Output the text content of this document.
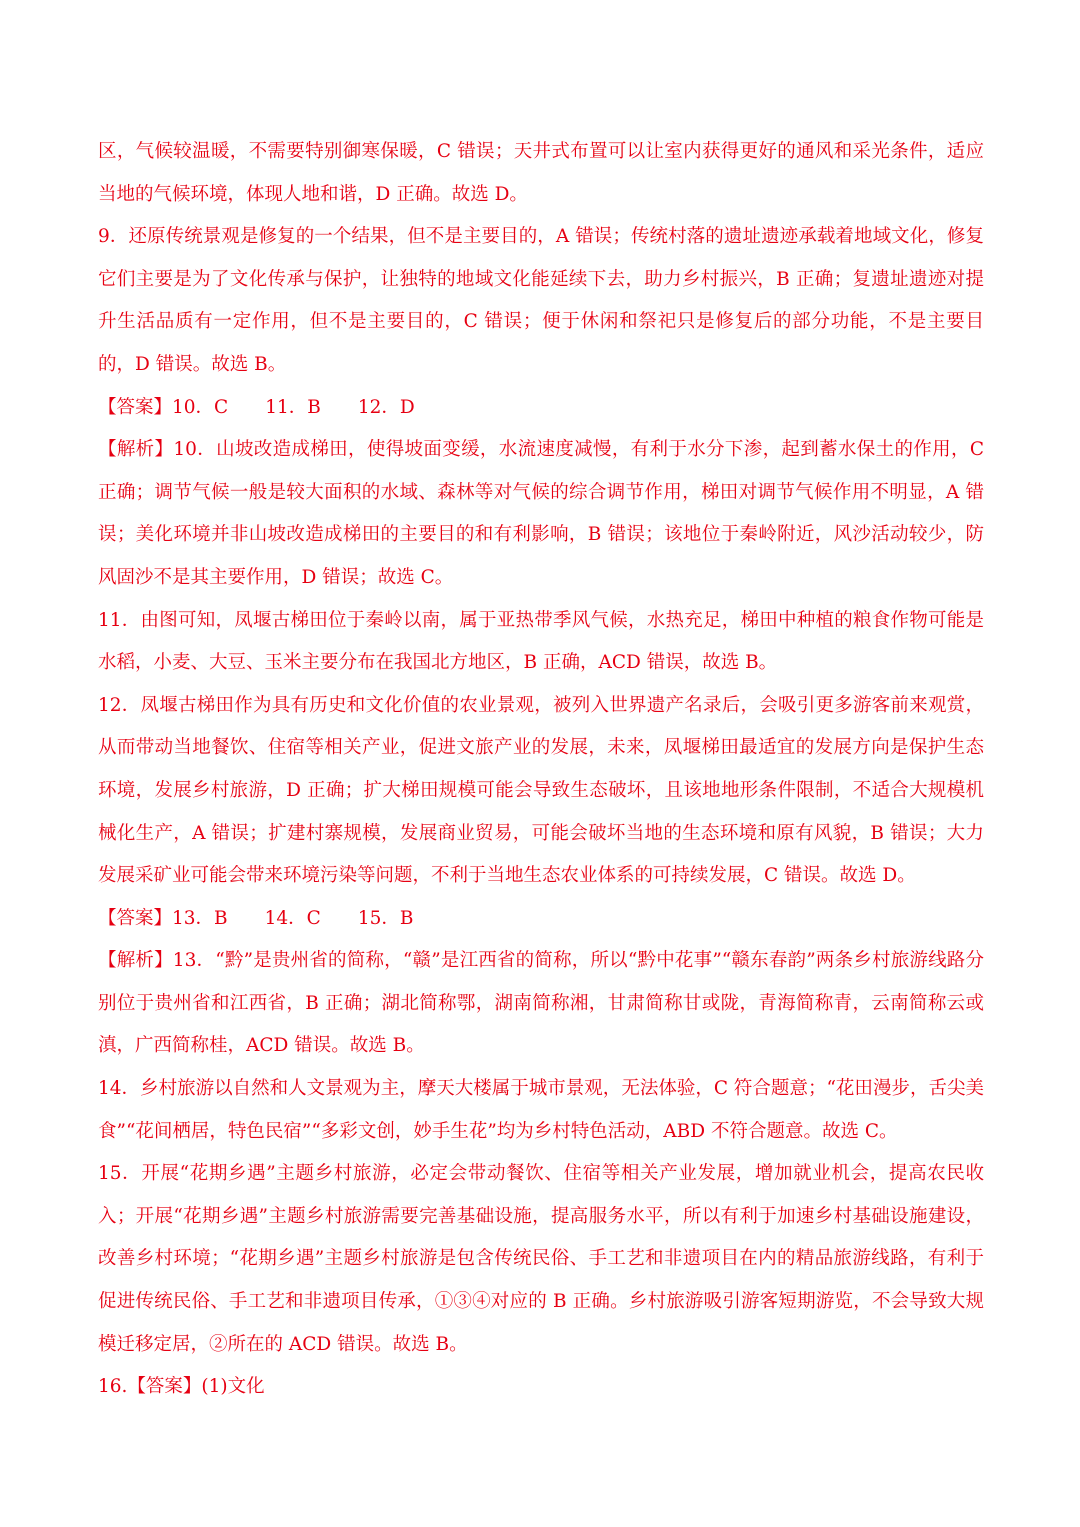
区，气候较温暖，不需要特别御寒保暖，C 错误；天井式布置可以让室内获得更好的通风和采光条件，适应当地的气候环境，体现人地和谐，D 正确。故选 D。

9．还原传统景观是修复的一个结果，但不是主要目的，A 错误；传统村落的遗址遗迹承载着地域文化，修复它们主要是为了文化传承与保护，让独特的地域文化能延续下去，助力乡村振兴，B 正确；复遗址遗迹对提升生活品质有一定作用，但不是主要目的，C 错误；便于休闲和祭祀只是修复后的部分功能，不是主要目的，D 错误。故选 B。

【答案】10．C　　11．B　　12．D

【解析】10．山坡改造成梯田，使得坡面变缓，水流速度减慢，有利于水分下渗，起到蓄水保土的作用，C 正确；调节气候一般是较大面积的水域、森林等对气候的综合调节作用，梯田对调节气候作用不明显，A 错误；美化环境并非山坡改造成梯田的主要目的和有利影响，B 错误；该地位于秦岭附近，风沙活动较少，防风固沙不是其主要作用，D 错误；故选 C。

11．由图可知，凤堰古梯田位于秦岭以南，属于亚热带季风气候，水热充足，梯田中种植的粮食作物可能是水稻，小麦、大豆、玉米主要分布在我国北方地区，B 正确，ACD 错误，故选 B。

12．凤堰古梯田作为具有历史和文化价值的农业景观，被列入世界遗产名录后，会吸引更多游客前来观赏，从而带动当地餐饮、住宿等相关产业，促进文旅产业的发展，未来，凤堰梯田最适宜的发展方向是保护生态环境，发展乡村旅游，D 正确；扩大梯田规模可能会导致生态破坏，且该地地形条件限制，不适合大规模机械化生产，A 错误；扩建村寨规模，发展商业贸易，可能会破坏当地的生态环境和原有风貌，B 错误；大力发展采矿业可能会带来环境污染等问题，不利于当地生态农业体系的可持续发展，C 错误。故选 D。

【答案】13．B　　14．C　　15．B

【解析】13．“黔”是贵州省的简称，“赣”是江西省的简称，所以“黔中花事”“赣东春韵”两条乡村旅游线路分别位于贵州省和江西省，B 正确；湖北简称鄂，湖南简称湘，甘肃简称甘或陇，青海简称青，云南简称云或滇，广西简称桂，ACD 错误。故选 B。

14．乡村旅游以自然和人文景观为主，摩天大楼属于城市景观，无法体验，C 符合题意；“花田漫步，舌尖美食”“花间栖居，特色民宿”“多彩文创，妙手生花”均为乡村特色活动，ABD 不符合题意。故选 C。

15．开展“花期乡遇”主题乡村旅游，必定会带动餐饮、住宿等相关产业发展，增加就业机会，提高农民收入；开展“花期乡遇”主题乡村旅游需要完善基础设施，提高服务水平，所以有利于加速乡村基础设施建设，改善乡村环境；“花期乡遇”主题乡村旅游是包含传统民俗、手工艺和非遗项目在内的精品旅游线路，有利于促进传统民俗、手工艺和非遗项目传承，①③④对应的 B 正确。乡村旅游吸引游客短期游览，不会导致大规模迁移定居，②所在的 ACD 错误。故选 B。

16.【答案】(1)文化
